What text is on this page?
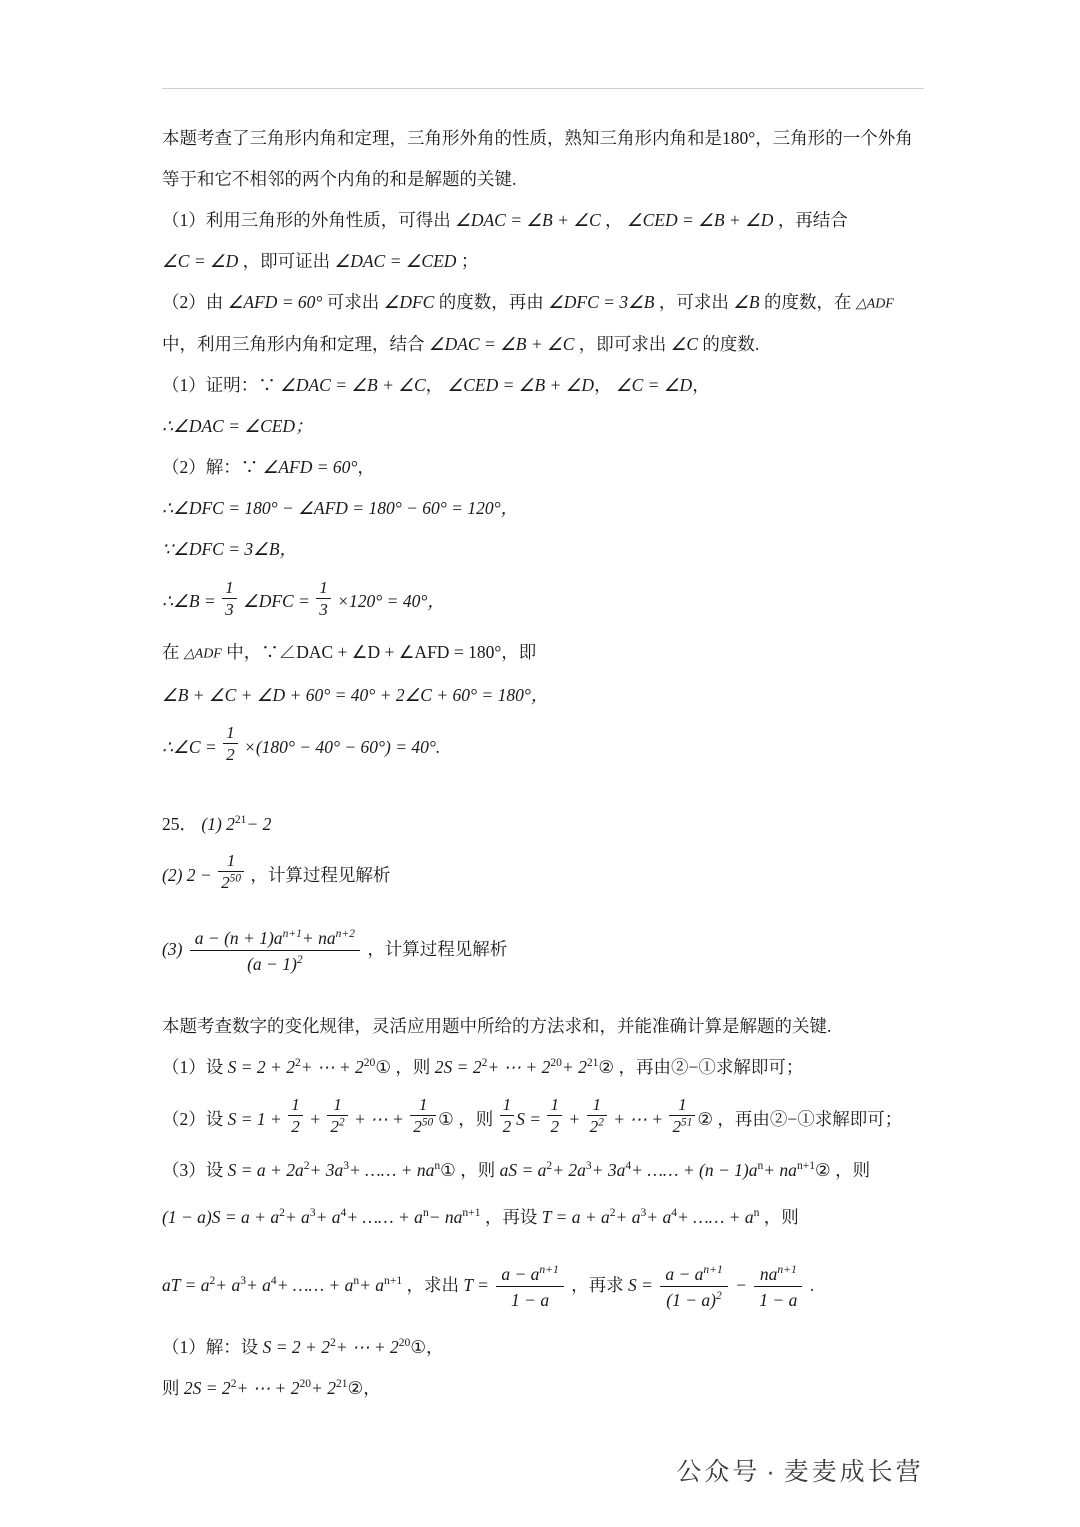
本题考查了三角形内角和定理，三角形外角的性质，熟知三角形内角和是180°，三角形的一个外角等于和它不相邻的两个内角的和是解题的关键.
（1）利用三角形的外角性质，可得出 ∠DAC = ∠B + ∠C ， ∠CED = ∠B + ∠D ，再结合
∠C = ∠D ，即可证出 ∠DAC = ∠CED ；
（2）由 ∠AFD = 60° 可求出 ∠DFC 的度数，再由 ∠DFC = 3∠B ，可求出 ∠B 的度数，在 △ADF
中，利用三角形内角和定理，结合 ∠DAC = ∠B + ∠C ，即可求出 ∠C 的度数.
（1）证明：∵ ∠DAC = ∠B + ∠C， ∠CED = ∠B + ∠D， ∠C = ∠D，
∴∠DAC = ∠CED；
（2）解：∵ ∠AFD = 60°，
∴∠DFC = 180° − ∠AFD = 180° − 60° = 120°，
∵∠DFC = 3∠B，
∴∠B = $\frac{1}{3}$ ∠DFC = $\frac{1}{3} \times 120^\circ = 40^\circ$，
在 △ADF 中，∵∠DAC + ∠D + ∠AFD = 180°，即
∠B + ∠C + ∠D + 60° = 40° + 2∠C + 60° = 180°，
∴∠C = $\frac{1}{2} \times(180^\circ - 40^\circ - 60^\circ) = 40^\circ$.
25． (1) $2^{21}- 2$
(2) $2 - \frac{1}{2^{50}}$ ，计算过程见解析
$(3) \frac{a - (n + 1)a^{n+1}+ na^{n+2}}{(a - 1)^2}$ ，计算过程见解析
本题考查数字的变化规律，灵活应用题中所给的方法求和，并能准确计算是解题的关键.
（1）设 $S = 2 + 2^2+$ ⋯ + $2^{20}①$ ，则 $2S = 2^2+$ ⋯ + $2^{20}+$ $2^{21}②$ ，再由②−①求解即可；
（2）设 $S = 1 + \frac{1}{2} + \frac{1}{2^2}$ + ⋯ + $\frac{1}{2^{50}}$ ① ，则 $\frac{1}{2}$ $S = \frac{1}{2} + \frac{1}{2^2}$ + ⋯ + $\frac{1}{2^{51}}$ ② ，再由②−①求解即可；
（3）设 $S = a + 2a^2+ 3a^3+$ …… + $na^n①$ ，则 aS = $a^2+ 2a^3+ 3a^4+$ …… + $(n - 1)a^n+$ $na^{n+1}②$ ，则
$(1 - a)S = a + a^2+ a^3+ a^4+$ …… + $a^n- na^{n+1}$ ，再设 $T = a + a^2+ a^3+ a^4+$ …… + $a^n$ ，则
aT = $a^2+ a^3+ a^4+$ …… + $a^n+ a^{n+1}$ ，求出 $T = \frac{a - a^{n+1}}{1 - a}$ ，再求 $S = \frac{a - a^{n+1}}{(1 - a)^2} - \frac{na^{n+1}}{1 - a}$ .
（1）解：设 $S = 2 + 2^2+$ ⋯ + $2^{20}①$，
则 $2S = 2^2+$ ⋯ + $2^{20}+$ $2^{21}②$，
公众号 · 麦麦成长营
